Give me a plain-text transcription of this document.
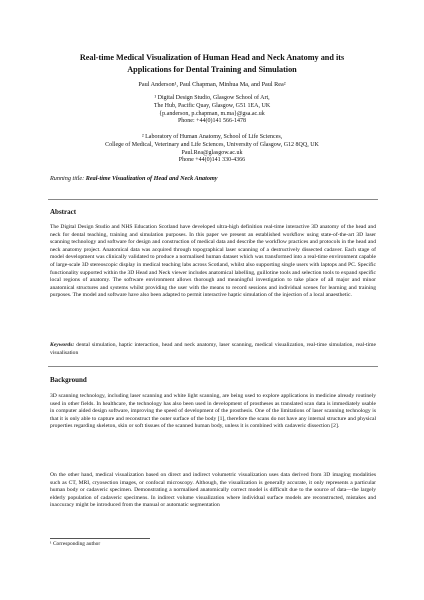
Real-time Medical Visualization of Human Head and Neck Anatomy and its Applications for Dental Training and Simulation
Paul Anderson¹, Paul Chapman, Minhua Ma, and Paul Rea²
¹ Digital Design Studio, Glasgow School of Art,
The Hub, Pacific Quay, Glasgow, G51 1EA, UK
{p.anderson, p.chapman, m.ma}@gsa.ac.uk
Phone: +44(0)141 566-1478
² Laboratory of Human Anatomy, School of Life Sciences,
College of Medical, Veterinary and Life Sciences, University of Glasgow, G12 8QQ, UK
Paul.Rea@glasgow.ac.uk
Phone +44(0)141 330-4366
Running title: Real-time Visualization of Head and Neck Anatomy
Abstract

The Digital Design Studio and NHS Education Scotland have developed ultra-high definition real-time interactive 3D anatomy of the head and neck for dental teaching, training and simulation purposes. In this paper we present an established workflow using state-of-the-art 3D laser scanning technology and software for design and construction of medical data and describe the workflow practices and protocols in the head and neck anatomy project. Anatomical data was acquired through topographical laser scanning of a destructively dissected cadaver. Each stage of model development was clinically validated to produce a normalised human dataset which was transformed into a real-time environment capable of large-scale 3D stereoscopic display in medical teaching labs across Scotland, whilst also supporting single users with laptops and PC. Specific functionality supported within the 3D Head and Neck viewer includes anatomical labelling, guillotine tools and selection tools to expand specific local regions of anatomy. The software environment allows thorough and meaningful investigation to take place of all major and minor anatomical structures and systems whilst providing the user with the means to record sessions and individual scenes for learning and training purposes. The model and software have also been adapted to permit interactive haptic simulation of the injection of a local anaesthetic.

Keywords: dental simulation, haptic interaction, head and neck anatomy, laser scanning, medical visualization, real-time simulation, real-time visualisation

Background

3D scanning technology, including laser scanning and white light scanning, are being used to explore applications in medicine already routinely used in other fields. In healthcare, the technology has also been used in development of prostheses as translated scan data is immediately usable in computer aided design software, improving the speed of development of the prosthesis. One of the limitations of laser scanning technology is that it is only able to capture and reconstruct the outer surface of the body [1], therefore the scans do not have any internal structure and physical properties regarding skeleton, skin or soft tissues of the scanned human body, unless it is combined with cadaveric dissection [2].

On the other hand, medical visualization based on direct and indirect volumetric visualization uses data derived from 3D imaging modalities such as CT, MRI, cryosection images, or confocal microscopy. Although, the visualization is generally accurate, it only represents a particular human body or cadaveric specimen. Demonstrating a normalised anatomically correct model is difficult due to the source of data—the largely elderly population of cadaveric specimens. In indirect volume visualization where individual surface models are reconstructed, mistakes and inaccuracy might be introduced from the manual or automatic segmentation

¹ Corresponding author
